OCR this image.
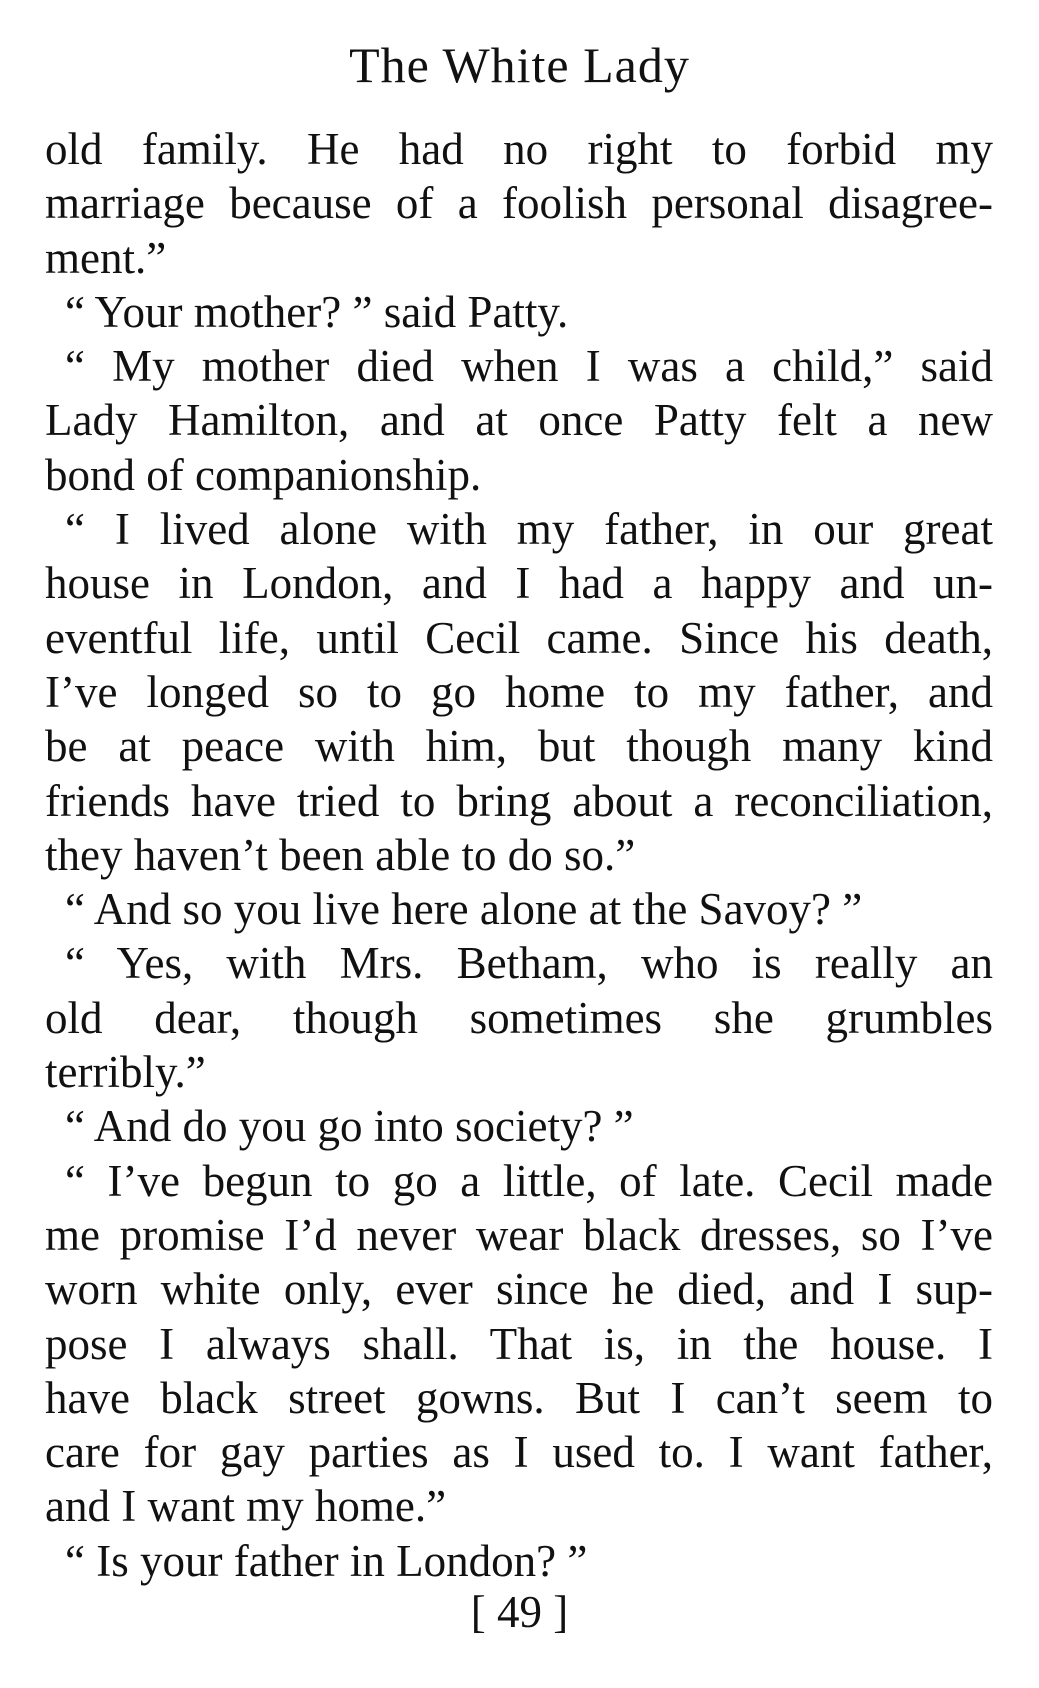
The White Lady
old family. He had no right to forbid my
marriage because of a foolish personal disagree-
ment.”
“ Your mother? ” said Patty.
“ My mother died when I was a child,” said
Lady Hamilton, and at once Patty felt a new
bond of companionship.
“ I lived alone with my father, in our great
house in London, and I had a happy and un-
eventful life, until Cecil came. Since his death,
I’ve longed so to go home to my father, and
be at peace with him, but though many kind
friends have tried to bring about a reconciliation,
they haven’t been able to do so.”
“ And so you live here alone at the Savoy? ”
“ Yes, with Mrs. Betham, who is really an
old dear, though sometimes she grumbles
terribly.”
“ And do you go into society? ”
“ I’ve begun to go a little, of late. Cecil made
me promise I’d never wear black dresses, so I’ve
worn white only, ever since he died, and I sup-
pose I always shall. That is, in the house. I
have black street gowns. But I can’t seem to
care for gay parties as I used to. I want father,
and I want my home.”
“ Is your father in London? ”
[ 49 ]
